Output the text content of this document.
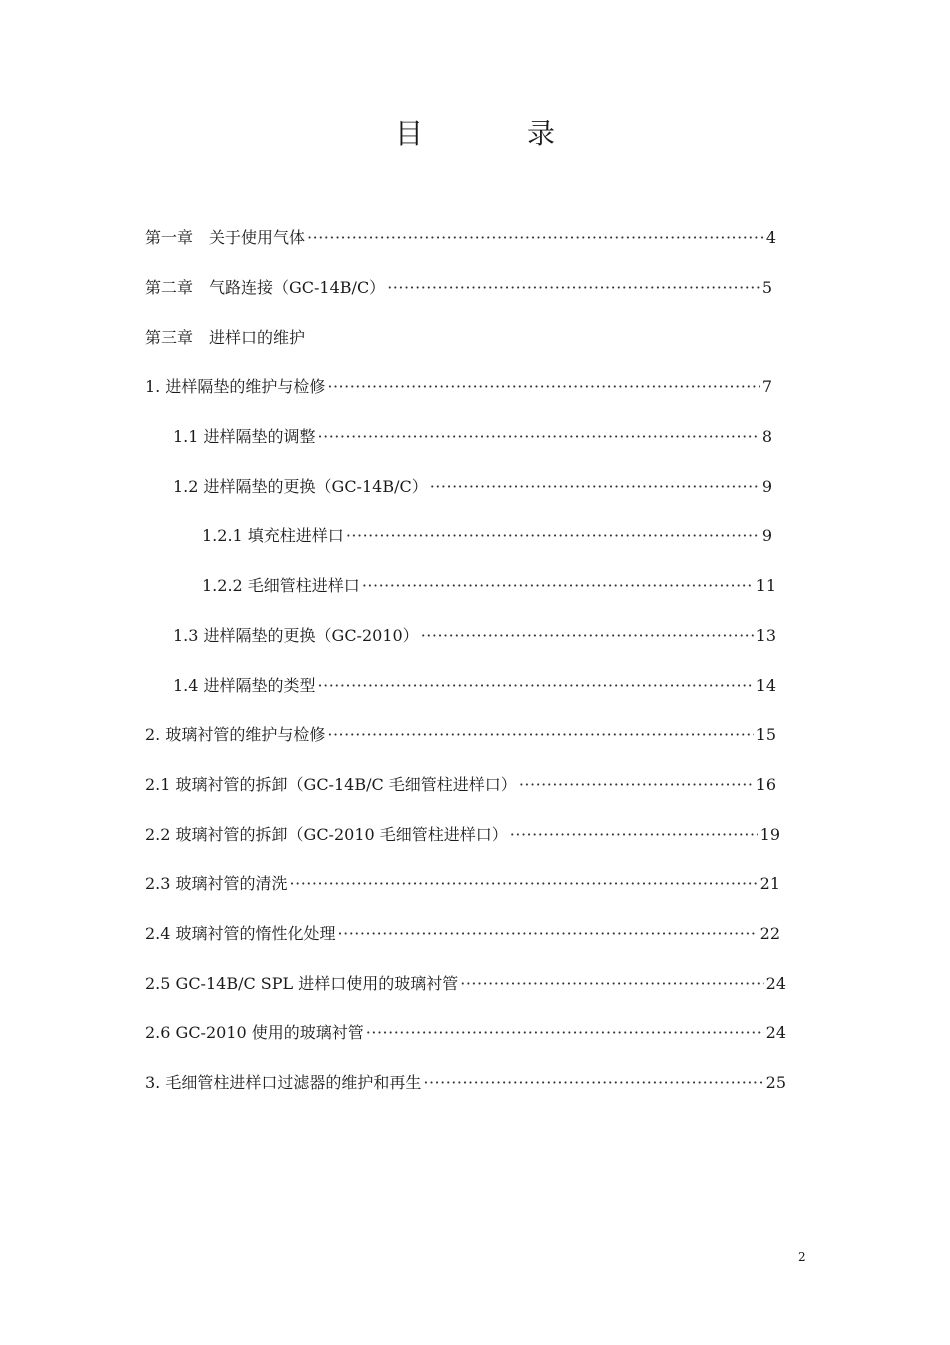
目　录
第一章　关于使用气体 ·····	4
第二章　气路连接（GC-14B/C） ·····	5
第三章　进样口的维护
1. 进样隔垫的维护与检修 ·····	7
1.1 进样隔垫的调整 ·····	8
1.2 进样隔垫的更换（GC-14B/C） ·····	9
1.2.1 填充柱进样口 ·····	9
1.2.2 毛细管柱进样口 ·····	11
1.3 进样隔垫的更换（GC-2010） ·····	13
1.4 进样隔垫的类型 ·····	14
2. 玻璃衬管的维护与检修 ·····	15
2.1 玻璃衬管的拆卸（GC-14B/C 毛细管柱进样口） ·····	16
2.2 玻璃衬管的拆卸（GC-2010 毛细管柱进样口） ·····	19
2.3 玻璃衬管的清洗 ·····	21
2.4 玻璃衬管的惰性化处理 ·····	22
2.5 GC-14B/C SPL 进样口使用的玻璃衬管 ·····	24
2.6 GC-2010 使用的玻璃衬管 ·····	24
3. 毛细管柱进样口过滤器的维护和再生 ·····	25

2
